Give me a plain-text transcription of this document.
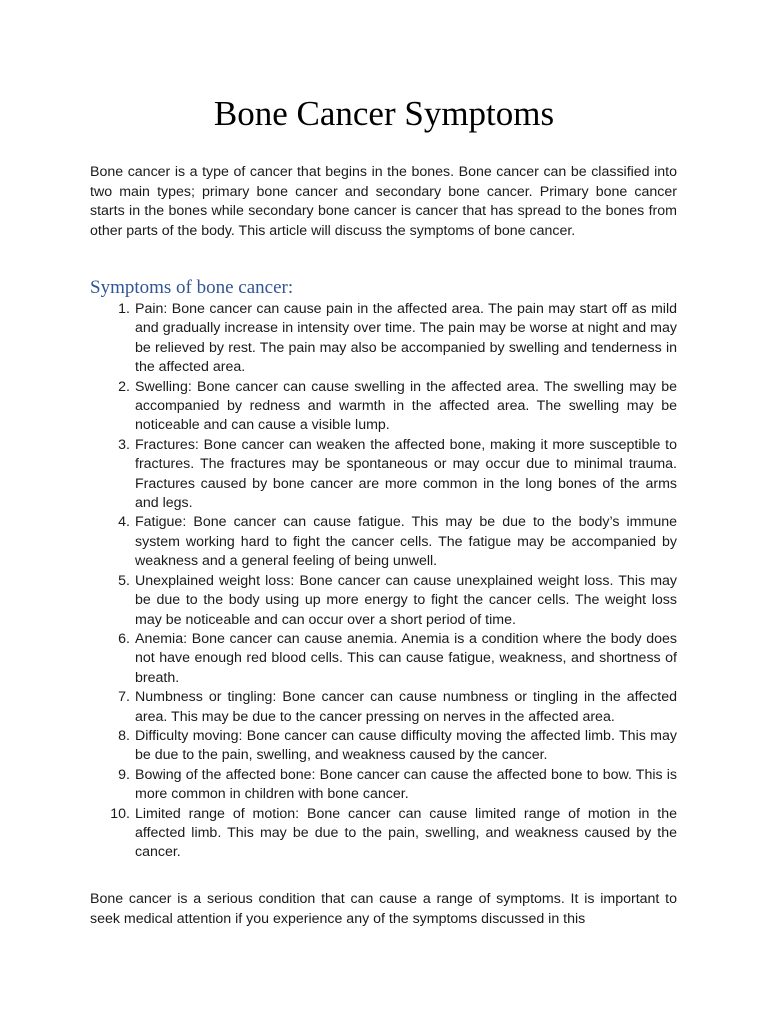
Bone Cancer Symptoms

Bone cancer is a type of cancer that begins in the bones. Bone cancer can be classified into two main types; primary bone cancer and secondary bone cancer. Primary bone cancer starts in the bones while secondary bone cancer is cancer that has spread to the bones from other parts of the body. This article will discuss the symptoms of bone cancer.

Symptoms of bone cancer:
1. Pain: Bone cancer can cause pain in the affected area. The pain may start off as mild and gradually increase in intensity over time. The pain may be worse at night and may be relieved by rest. The pain may also be accompanied by swelling and tenderness in the affected area.
2. Swelling: Bone cancer can cause swelling in the affected area. The swelling may be accompanied by redness and warmth in the affected area. The swelling may be noticeable and can cause a visible lump.
3. Fractures: Bone cancer can weaken the affected bone, making it more susceptible to fractures. The fractures may be spontaneous or may occur due to minimal trauma. Fractures caused by bone cancer are more common in the long bones of the arms and legs.
4. Fatigue: Bone cancer can cause fatigue. This may be due to the body’s immune system working hard to fight the cancer cells. The fatigue may be accompanied by weakness and a general feeling of being unwell.
5. Unexplained weight loss: Bone cancer can cause unexplained weight loss. This may be due to the body using up more energy to fight the cancer cells. The weight loss may be noticeable and can occur over a short period of time.
6. Anemia: Bone cancer can cause anemia. Anemia is a condition where the body does not have enough red blood cells. This can cause fatigue, weakness, and shortness of breath.
7. Numbness or tingling: Bone cancer can cause numbness or tingling in the affected area. This may be due to the cancer pressing on nerves in the affected area.
8. Difficulty moving: Bone cancer can cause difficulty moving the affected limb. This may be due to the pain, swelling, and weakness caused by the cancer.
9. Bowing of the affected bone: Bone cancer can cause the affected bone to bow. This is more common in children with bone cancer.
10. Limited range of motion: Bone cancer can cause limited range of motion in the affected limb. This may be due to the pain, swelling, and weakness caused by the cancer.

Bone cancer is a serious condition that can cause a range of symptoms. It is important to seek medical attention if you experience any of the symptoms discussed in this
